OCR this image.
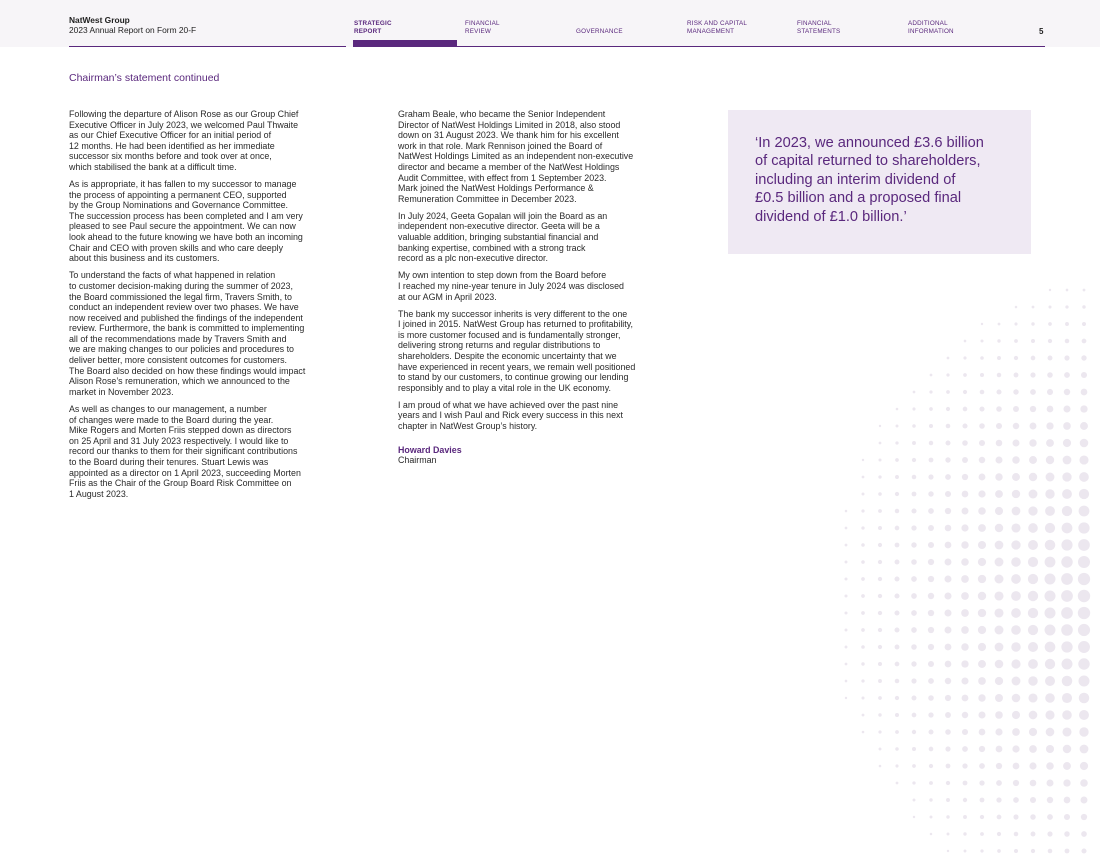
NatWest Group
2023 Annual Report on Form 20-F
STRATEGIC
REPORT
FINANCIAL
REVIEW	GOVERNANCE
RISK AND CAPITAL
MANAGEMENT
FINANCIAL
STATEMENTS
ADDITIONAL
INFORMATION	5
Chairman’s statement continued

Following the departure of Alison Rose as our Group Chief
Executive Officer in July 2023, we welcomed Paul Thwaite
as our Chief Executive Officer for an initial period of
12 months. He had been identified as her immediate
successor six months before and took over at once,
which stabilised the bank at a difficult time.

As is appropriate, it has fallen to my successor to manage
the process of appointing a permanent CEO, supported
by the Group Nominations and Governance Committee.
The succession process has been completed and I am very
pleased to see Paul secure the appointment. We can now
look ahead to the future knowing we have both an incoming
Chair and CEO with proven skills and who care deeply
about this business and its customers.

To understand the facts of what happened in relation
to customer decision-making during the summer of 2023,
the Board commissioned the legal firm, Travers Smith, to
conduct an independent review over two phases. We have
now received and published the findings of the independent
review. Furthermore, the bank is committed to implementing
all of the recommendations made by Travers Smith and
we are making changes to our policies and procedures to
deliver better, more consistent outcomes for customers.
The Board also decided on how these findings would impact
Alison Rose’s remuneration, which we announced to the
market in November 2023.

As well as changes to our management, a number
of changes were made to the Board during the year.
Mike Rogers and Morten Friis stepped down as directors
on 25 April and 31 July 2023 respectively. I would like to
record our thanks to them for their significant contributions
to the Board during their tenures. Stuart Lewis was
appointed as a director on 1 April 2023, succeeding Morten
Friis as the Chair of the Group Board Risk Committee on
1 August 2023.

Graham Beale, who became the Senior Independent
Director of NatWest Holdings Limited in 2018, also stood
down on 31 August 2023. We thank him for his excellent
work in that role. Mark Rennison joined the Board of
NatWest Holdings Limited as an independent non-executive
director and became a member of the NatWest Holdings
Audit Committee, with effect from 1 September 2023.
Mark joined the NatWest Holdings Performance &
Remuneration Committee in December 2023.

In July 2024, Geeta Gopalan will join the Board as an
independent non-executive director. Geeta will be a
valuable addition, bringing substantial financial and
banking expertise, combined with a strong track
record as a plc non-executive director.

My own intention to step down from the Board before
I reached my nine-year tenure in July 2024 was disclosed
at our AGM in April 2023.

The bank my successor inherits is very different to the one
I joined in 2015. NatWest Group has returned to profitability,
is more customer focused and is fundamentally stronger,
delivering strong returns and regular distributions to
shareholders. Despite the economic uncertainty that we
have experienced in recent years, we remain well positioned
to stand by our customers, to continue growing our lending
responsibly and to play a vital role in the UK economy.

I am proud of what we have achieved over the past nine
years and I wish Paul and Rick every success in this next
chapter in NatWest Group’s history.

Howard Davies
Chairman
‘In 2023, we announced £3.6 billion
of capital returned to shareholders,
including an interim dividend of
£0.5 billion and a proposed final
dividend of £1.0 billion.’
